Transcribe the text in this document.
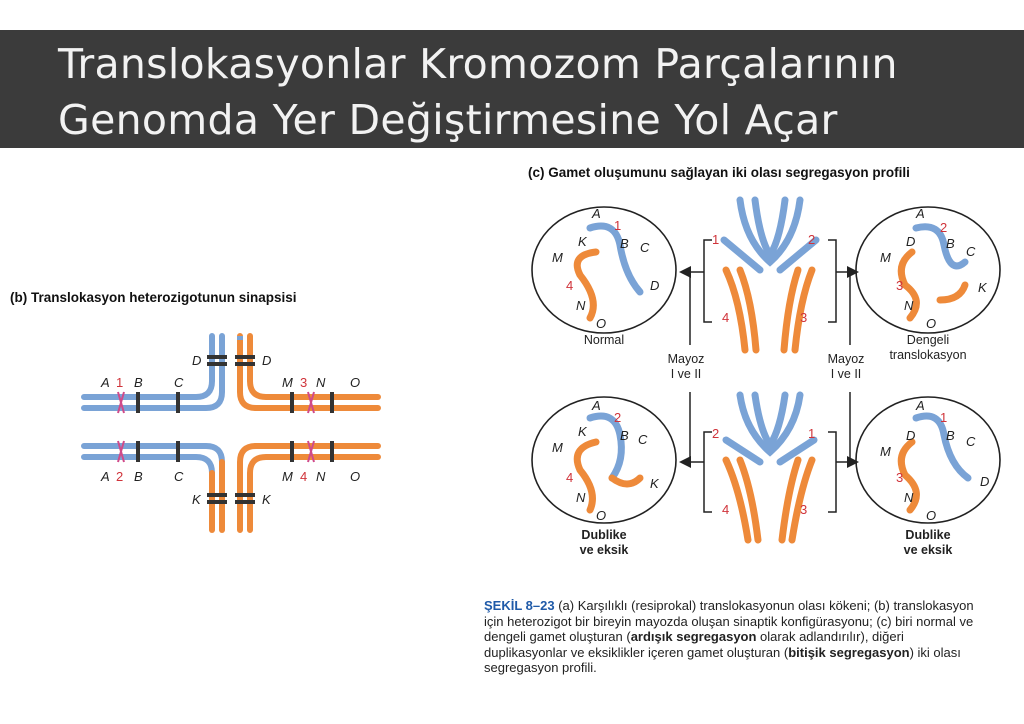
Translokasyonlar Kromozom Parçalarının
Genomda Yer Değiştirmesine Yol Açar
(b) Translokasyon heterozigotunun sinapsisi
(c) Gamet oluşumunu sağlayan iki olası segregasyon profili
A 1 B C
D	D
M 3 N O
A 2 B C	M 4 N O
K	K
1	2
4	3
2	1
4	3
A
1
B C
D
K
M
4
N
O
A
2
B
C
D
M
3	K
N
O
A
2
B C
K
M
4
N
O
K
A
1
B C
D
M
3	D
N
O
Normal	Dengeli
translokasyon
Dublike
ve eksik
Dublike
ve eksik
Mayoz
I ve II
Mayoz
I ve II
ŞEKİL 8–23 (a) Karşılıklı (resiprokal) translokasyonun olası kökeni; (b) translokasyon için heterozigot bir bireyin mayozda oluşan sinaptik konfigürasyonu; (c) biri normal ve dengeli gamet oluşturan (ardışık segregasyon olarak adlandırılır), diğeri duplikasyonlar ve eksiklikler içeren gamet oluşturan (bitişik segregasyon) iki olası segregasyon profili.
